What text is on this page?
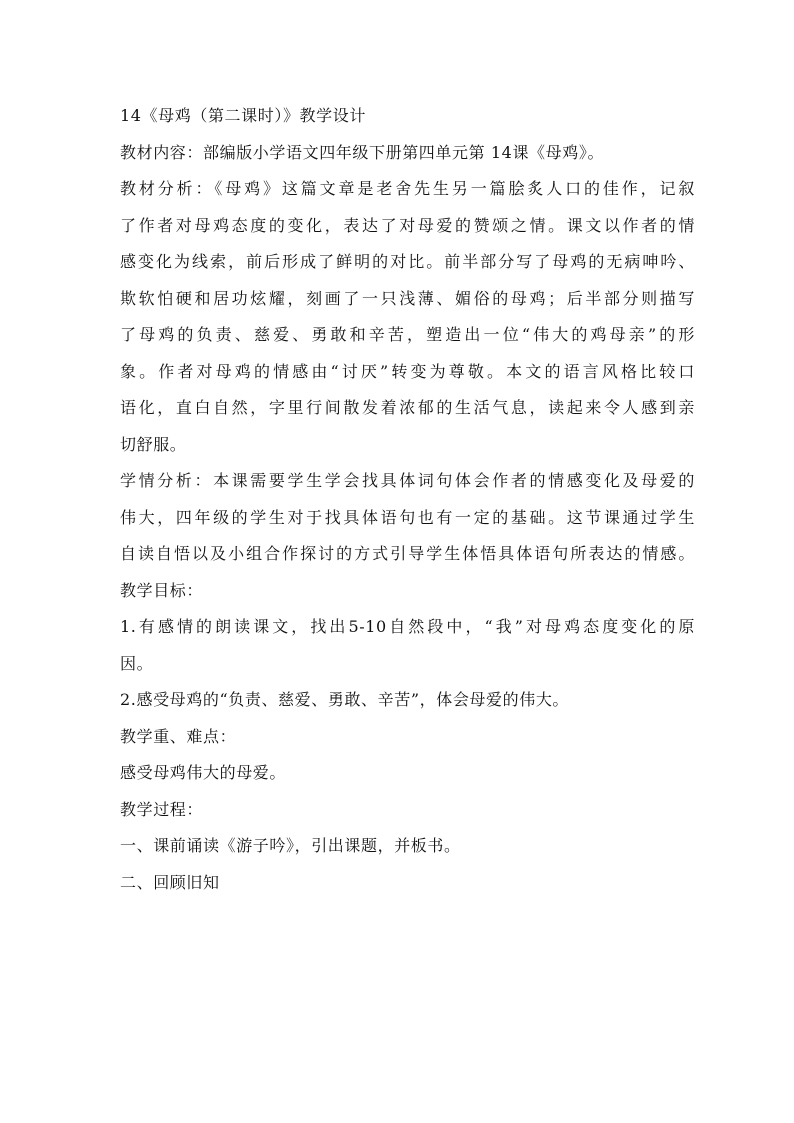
14《母鸡（第二课时）》教学设计

教材内容：部编版小学语文四年级下册第四单元第 14课《母鸡》。

教材分析：《母鸡》这篇文章是老舍先生另一篇脍炙人口的佳作，记叙

了作者对母鸡态度的变化，表达了对母爱的赞颂之情。课文以作者的情

感变化为线索，前后形成了鲜明的对比。前半部分写了母鸡的无病呻吟、

欺软怕硬和居功炫耀，刻画了一只浅薄、媚俗的母鸡；后半部分则描写

了母鸡的负责、慈爱、勇敢和辛苦，塑造出一位“伟大的鸡母亲”的形

象。作者对母鸡的情感由“讨厌”转变为尊敬。本文的语言风格比较口

语化，直白自然，字里行间散发着浓郁的生活气息，读起来令人感到亲

切舒服。

学情分析：本课需要学生学会找具体词句体会作者的情感变化及母爱的

伟大，四年级的学生对于找具体语句也有一定的基础。这节课通过学生

自读自悟以及小组合作探讨的方式引导学生体悟具体语句所表达的情感。

教学目标：

1.有感情的朗读课文，找出5-10自然段中，“我”对母鸡态度变化的原

因。

2.感受母鸡的“负责、慈爱、勇敢、辛苦”，体会母爱的伟大。

教学重、难点：

感受母鸡伟大的母爱。

教学过程：

一、课前诵读《游子吟》，引出课题，并板书。

二、回顾旧知
